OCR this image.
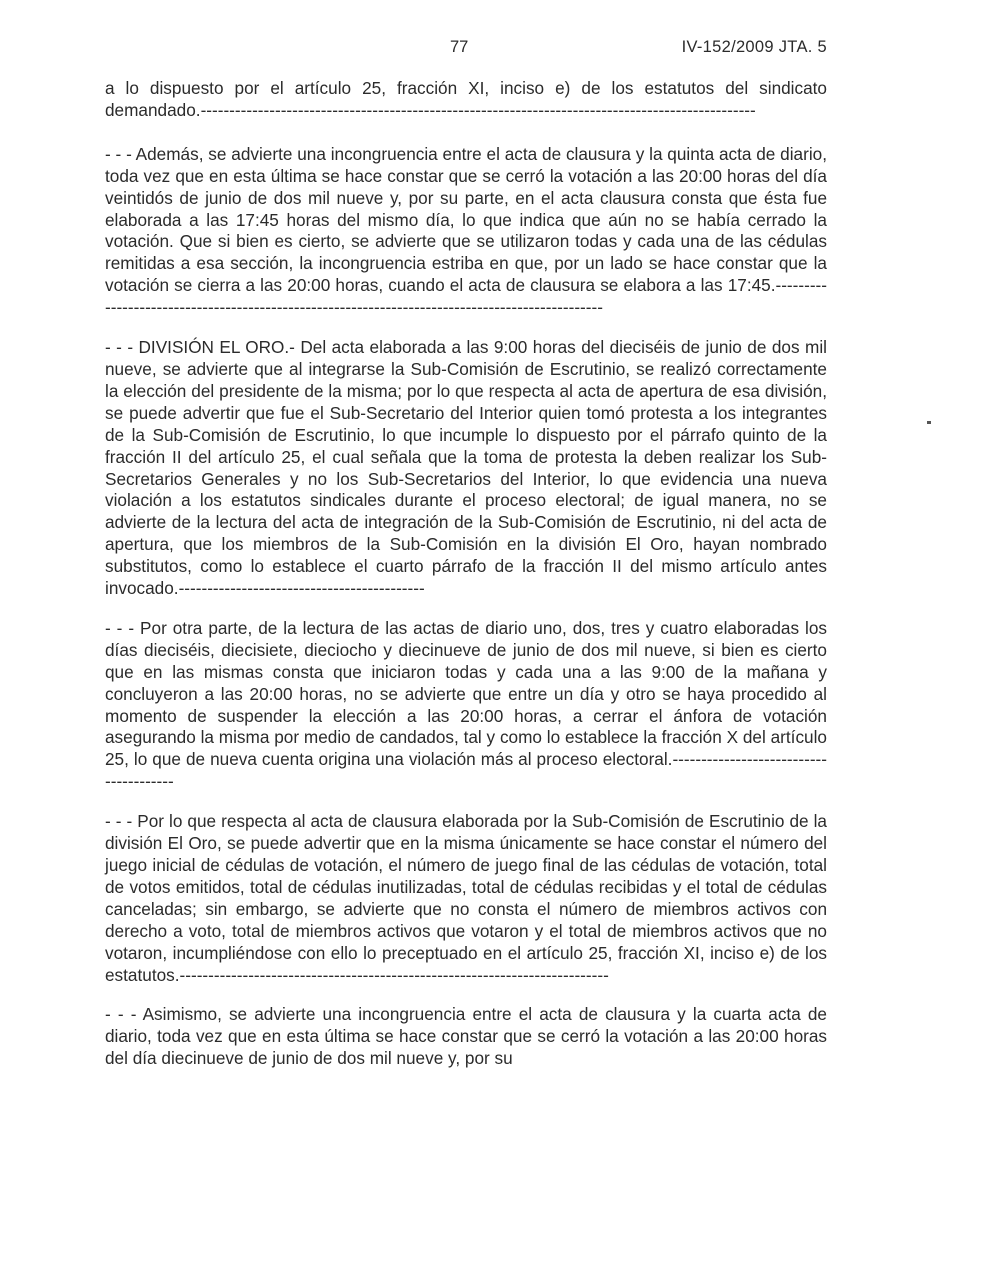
77	IV-152/2009 JTA. 5

a lo dispuesto por el artículo 25, fracción XI, inciso e) de los estatutos del sindicato demandado.-------------------------------------------------------------------------------------------------

- - - Además, se advierte una incongruencia entre el acta de clausura y la quinta acta de diario, toda vez que en esta última se hace constar que se cerró la votación a las 20:00 horas del día veintidós de junio de dos mil nueve y, por su parte, en el acta clausura consta que ésta fue elaborada a las 17:45 horas del mismo día, lo que indica que aún no se había cerrado la votación. Que si bien es cierto, se advierte que se utilizaron todas y cada una de las cédulas remitidas a esa sección, la incongruencia estriba en que, por un lado se hace constar que la votación se cierra a las 20:00 horas, cuando el acta de clausura se elabora a las 17:45.------------------------------------------------------------------------------------------------

- - - DIVISIÓN EL ORO.- Del acta elaborada a las 9:00 horas del dieciséis de junio de dos mil nueve, se advierte que al integrarse la Sub-Comisión de Escrutinio, se realizó correctamente la elección del presidente de la misma; por lo que respecta al acta de apertura de esa división, se puede advertir que fue el Sub-Secretario del Interior quien tomó protesta a los integrantes de la Sub-Comisión de Escrutinio, lo que incumple lo dispuesto por el párrafo quinto de la fracción II del artículo 25, el cual señala que la toma de protesta la deben realizar los Sub-Secretarios Generales y no los Sub-Secretarios del Interior, lo que evidencia una nueva violación a los estatutos sindicales durante el proceso electoral; de igual manera, no se advierte de la lectura del acta de integración de la Sub-Comisión de Escrutinio, ni del acta de apertura, que los miembros de la Sub-Comisión en la división El Oro, hayan nombrado substitutos, como lo establece el cuarto párrafo de la fracción II del mismo artículo antes invocado.-------------------------------------------

- - - Por otra parte, de la lectura de las actas de diario uno, dos, tres y cuatro elaboradas los días dieciséis, diecisiete, dieciocho y diecinueve de junio de dos mil nueve, si bien es cierto que en las mismas consta que iniciaron todas y cada una a las 9:00 de la mañana y concluyeron a las 20:00 horas, no se advierte que entre un día y otro se haya procedido al momento de suspender la elección a las 20:00 horas, a cerrar el ánfora de votación asegurando la misma por medio de candados, tal y como lo establece la fracción X del artículo 25, lo que de nueva cuenta origina una violación más al proceso electoral.---------------------------------------

- - - Por lo que respecta al acta de clausura elaborada por la Sub-Comisión de Escrutinio de la división El Oro, se puede advertir que en la misma únicamente se hace constar el número del juego inicial de cédulas de votación, el número de juego final de las cédulas de votación, total de votos emitidos, total de cédulas inutilizadas, total de cédulas recibidas y el total de cédulas canceladas; sin embargo, se advierte que no consta el número de miembros activos con derecho a voto, total de miembros activos que votaron y el total de miembros activos que no votaron, incumpliéndose con ello lo preceptuado en el artículo 25, fracción XI, inciso e) de los estatutos.---------------------------------------------------------------------------

- - - Asimismo, se advierte una incongruencia entre el acta de clausura y la cuarta acta de diario, toda vez que en esta última se hace constar que se cerró la votación a las 20:00 horas del día diecinueve de junio de dos mil nueve y, por su
